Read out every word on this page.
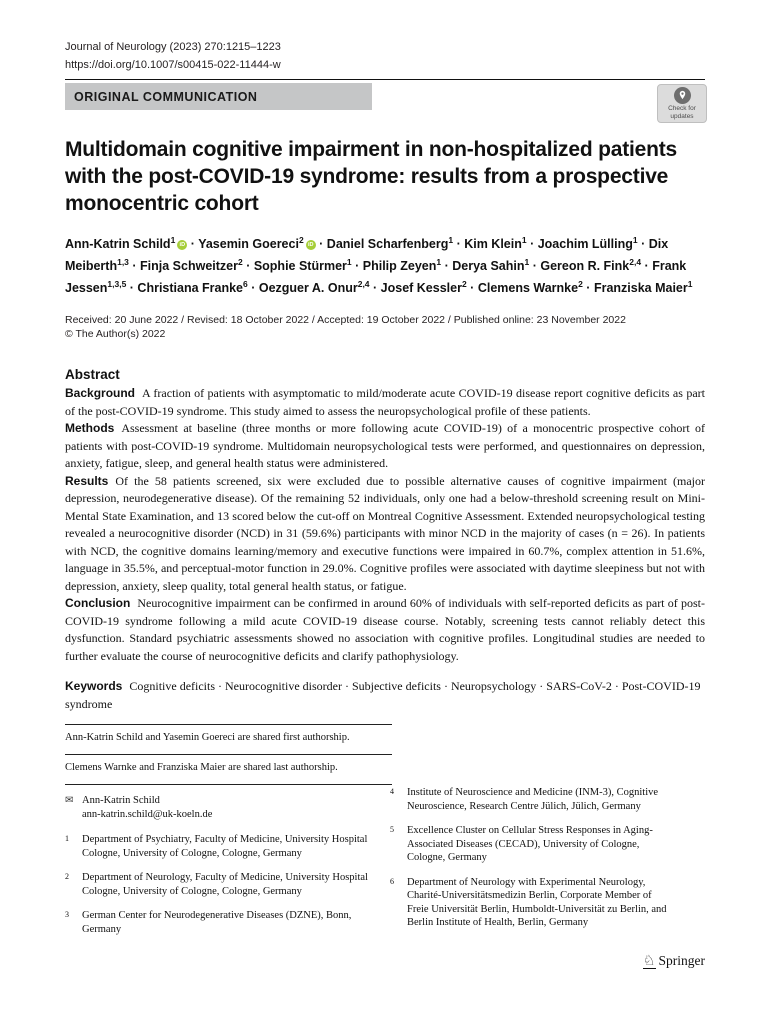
Check for
updates
Journal of Neurology (2023) 270:1215–1223
https://doi.org/10.1007/s00415-022-11444-w
ORIGINAL COMMUNICATION
Multidomain cognitive impairment in non-hospitalized patients with the post-COVID-19 syndrome: results from a prospective monocentric cohort
Ann-Katrin Schild$^1$iD · Yasemin Goereci$^2$iD · Daniel Scharfenberg$^1$ · Kim Klein$^1$ · Joachim Lülling$^1$ · Dix Meiberth$^{1,3}$ · Finja Schweitzer$^2$ · Sophie Stürmer$^1$ · Philip Zeyen$^1$ · Derya Sahin$^1$ · Gereon R. Fink$^{2,4}$ · Frank Jessen$^{1,3,5}$ · Christiana Franke$^6$ · Oezguer A. Onur$^{2,4}$ · Josef Kessler$^2$ · Clemens Warnke$^2$ · Franziska Maier$^1$
Received: 20 June 2022 / Revised: 18 October 2022 / Accepted: 19 October 2022 / Published online: 23 November 2022
© The Author(s) 2022
Abstract

Background A fraction of patients with asymptomatic to mild/moderate acute COVID-19 disease report cognitive deficits as part of the post-COVID-19 syndrome. This study aimed to assess the neuropsychological profile of these patients.

Methods Assessment at baseline (three months or more following acute COVID-19) of a monocentric prospective cohort of patients with post-COVID-19 syndrome. Multidomain neuropsychological tests were performed, and questionnaires on depression, anxiety, fatigue, sleep, and general health status were administered.

Results Of the 58 patients screened, six were excluded due to possible alternative causes of cognitive impairment (major depression, neurodegenerative disease). Of the remaining 52 individuals, only one had a below-threshold screening result on Mini-Mental State Examination, and 13 scored below the cut-off on Montreal Cognitive Assessment. Extended neuropsychological testing revealed a neurocognitive disorder (NCD) in 31 (59.6%) participants with minor NCD in the majority of cases (n = 26). In patients with NCD, the cognitive domains learning/memory and executive functions were impaired in 60.7%, complex attention in 51.6%, language in 35.5%, and perceptual-motor function in 29.0%. Cognitive profiles were associated with daytime sleepiness but not with depression, anxiety, sleep quality, total general health status, or fatigue.

Conclusion Neurocognitive impairment can be confirmed in around 60% of individuals with self-reported deficits as part of post-COVID-19 syndrome following a mild acute COVID-19 disease course. Notably, screening tests cannot reliably detect this dysfunction. Standard psychiatric assessments showed no association with cognitive profiles. Longitudinal studies are needed to further evaluate the course of neurocognitive deficits and clarify pathophysiology.

Keywords Cognitive deficits · Neurocognitive disorder · Subjective deficits · Neuropsychology · SARS-CoV-2 · Post-COVID-19 syndrome

Ann-Katrin Schild and Yasemin Goereci are shared first authorship.
Clemens Warnke and Franziska Maier are shared last authorship.
✉ Ann-Katrin Schild
ann-katrin.schild@uk-koeln.de
1	Department of Psychiatry, Faculty of Medicine, University Hospital Cologne, University of Cologne, Cologne, Germany
2	Department of Neurology, Faculty of Medicine, University Hospital Cologne, University of Cologne, Cologne, Germany
3	German Center for Neurodegenerative Diseases (DZNE), Bonn, Germany
4	Institute of Neuroscience and Medicine (INM-3), Cognitive Neuroscience, Research Centre Jülich, Jülich, Germany
5	Excellence Cluster on Cellular Stress Responses in Aging-Associated Diseases (CECAD), University of Cologne, Cologne, Germany
6	Department of Neurology with Experimental Neurology, Charité-Universitätsmedizin Berlin, Corporate Member of Freie Universität Berlin, Humboldt-Universität zu Berlin, and Berlin Institute of Health, Berlin, Germany
♘ Springer
